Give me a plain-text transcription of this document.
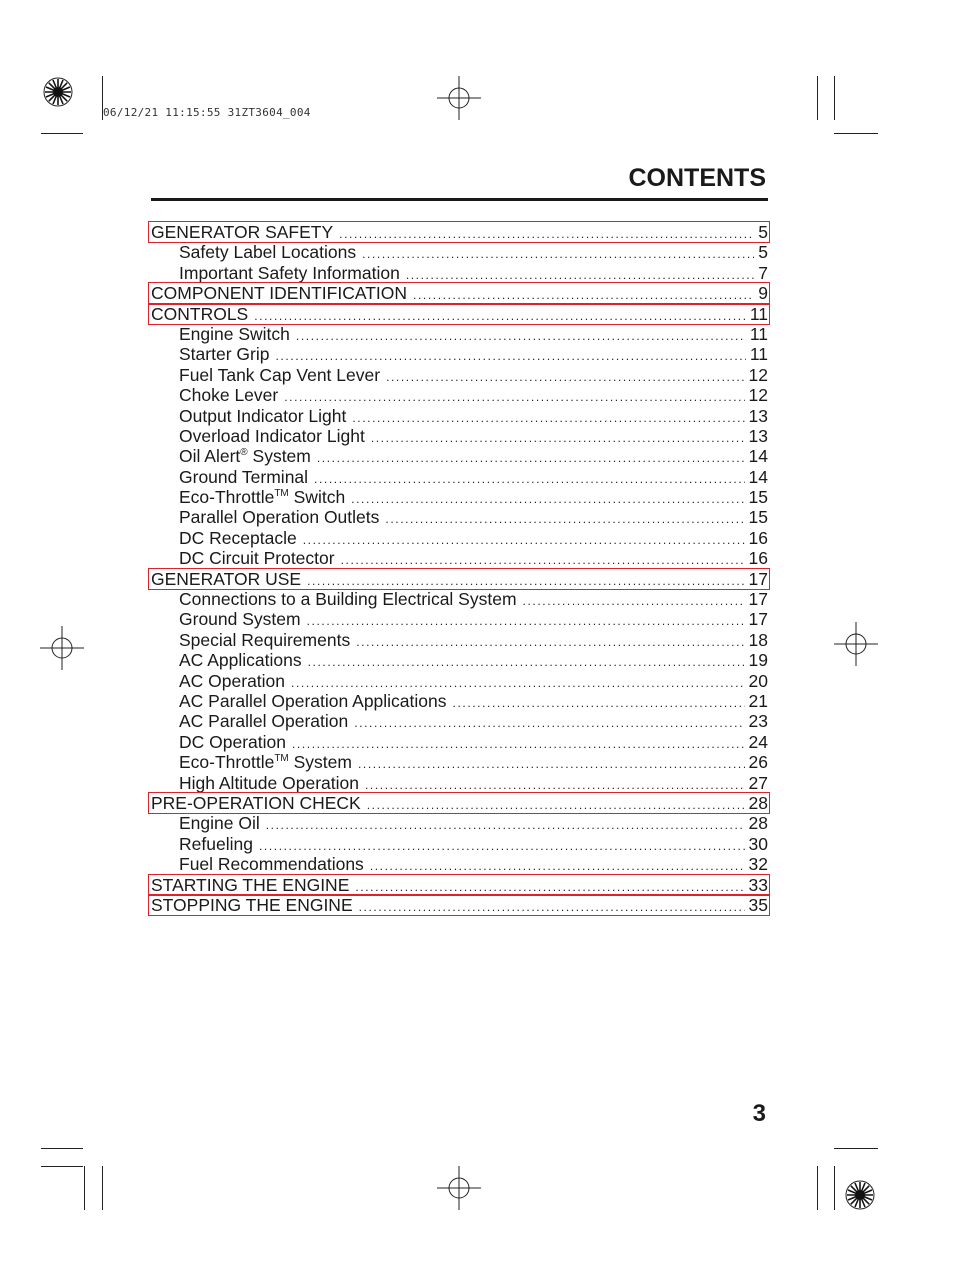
06/12/21 11:15:55 31ZT3604_004
CONTENTS
GENERATOR SAFETY .....	5
Safety Label Locations .....	5
Important Safety Information .....	7
COMPONENT IDENTIFICATION .....	9
CONTROLS .....	11
Engine Switch .....	11
Starter Grip .....	11
Fuel Tank Cap Vent Lever .....	12
Choke Lever .....	12
Output Indicator Light .....	13
Overload Indicator Light .....	13
Oil Alert® System .....	14
Ground Terminal .....	14
Eco-Throttle™ Switch .....	15
Parallel Operation Outlets .....	15
DC Receptacle .....	16
DC Circuit Protector .....	16
GENERATOR USE .....	17
Connections to a Building Electrical System .....	17
Ground System .....	17
Special Requirements .....	18
AC Applications .....	19
AC Operation .....	20
AC Parallel Operation Applications .....	21
AC Parallel Operation .....	23
DC Operation .....	24
Eco-Throttle™ System .....	26
High Altitude Operation .....	27
PRE-OPERATION CHECK .....	28
Engine Oil .....	28
Refueling .....	30
Fuel Recommendations .....	32
STARTING THE ENGINE .....	33
STOPPING THE ENGINE .....	35
3
